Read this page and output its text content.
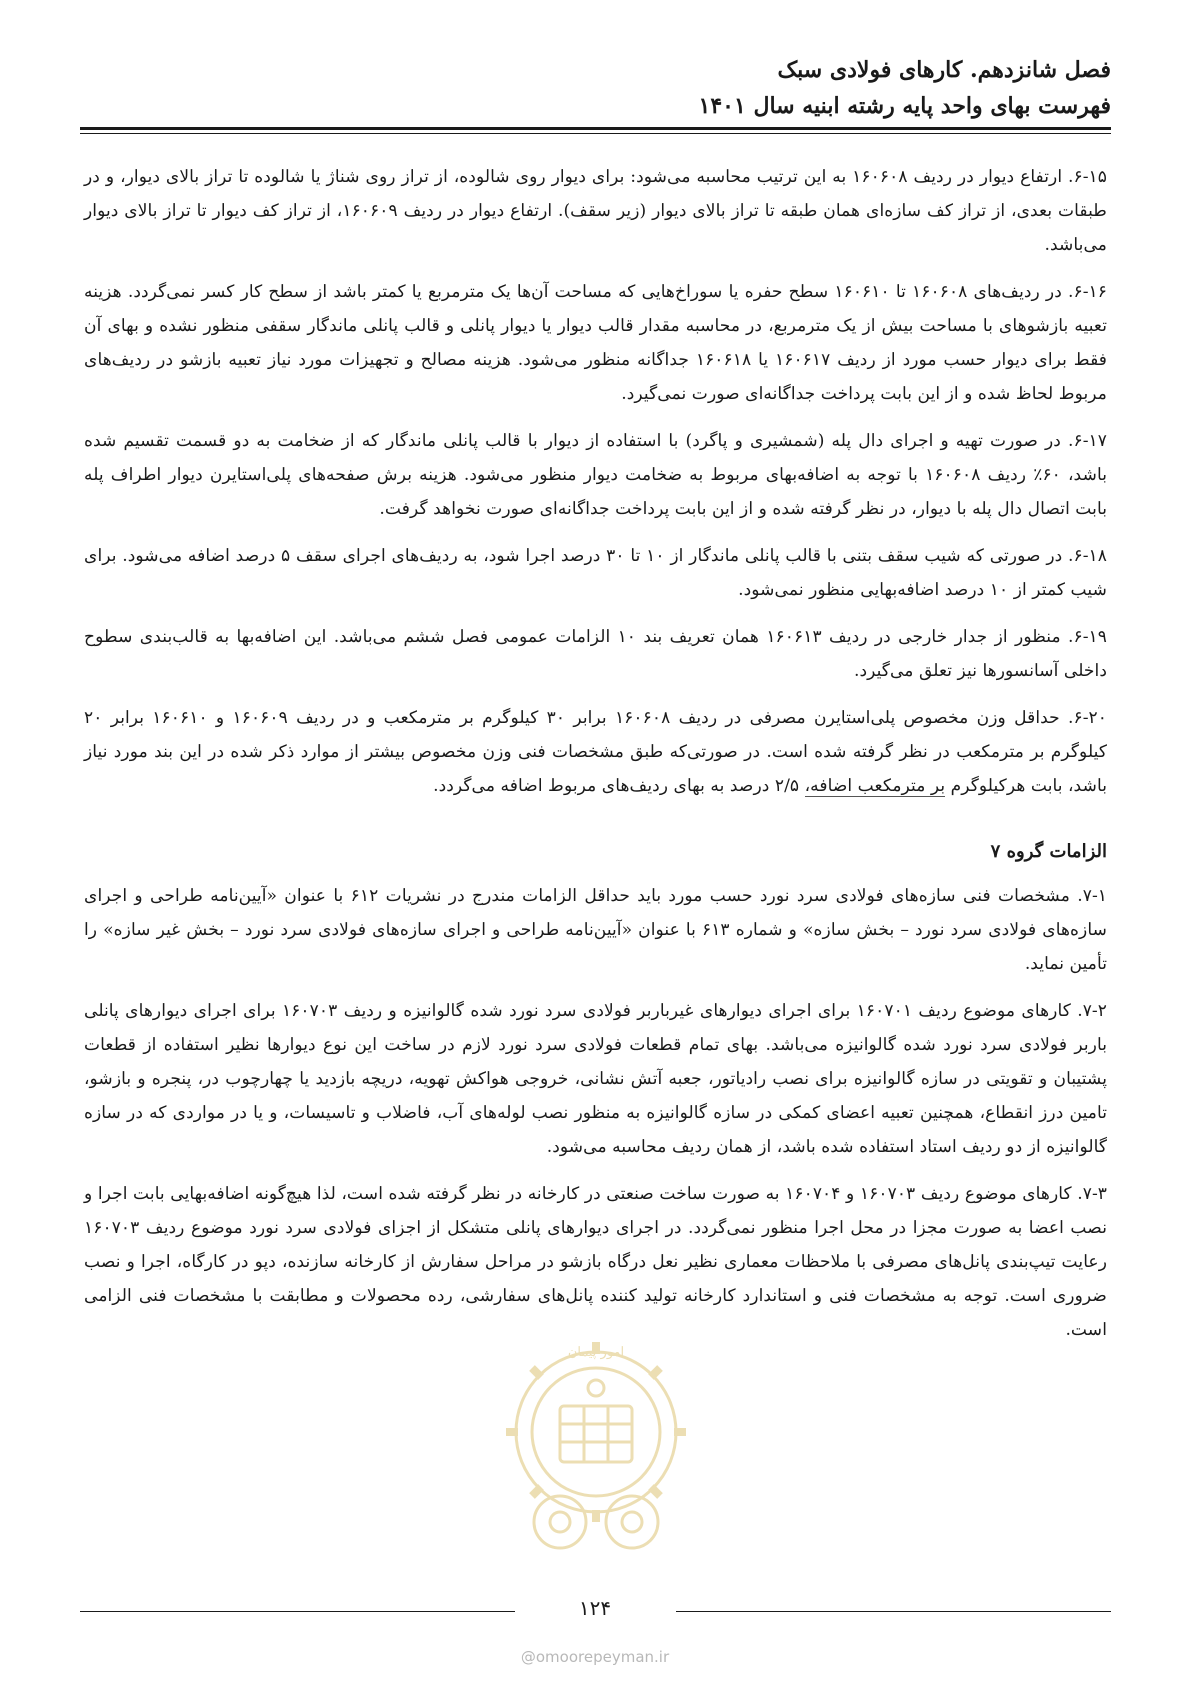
فصل شانزدهم. کارهای فولادی سبک

فهرست بهای واحد پایه رشته ابنیه سال ۱۴۰۱

۶-۱۵. ارتفاع دیوار در ردیف ۱۶۰۶۰۸ به این ترتیب محاسبه می‌شود: برای دیوار روی شالوده، از تراز روی شناژ یا شالوده تا تراز بالای دیوار، و در طبقات بعدی، از تراز کف سازه‌ای همان طبقه تا تراز بالای دیوار (زیر سقف). ارتفاع دیوار در ردیف ۱۶۰۶۰۹، از تراز کف دیوار تا تراز بالای دیوار می‌باشد.

۶-۱۶. در ردیف‌های ۱۶۰۶۰۸ تا ۱۶۰۶۱۰ سطح حفره یا سوراخ‌هایی که مساحت آن‌ها یک مترمربع یا کمتر باشد از سطح کار کسر نمی‌گردد. هزینه تعبیه بازشوهای با مساحت بیش از یک مترمربع، در محاسبه مقدار قالب دیوار یا دیوار پانلی و قالب پانلی ماندگار سقفی منظور نشده و بهای آن فقط برای دیوار حسب مورد از ردیف ۱۶۰۶۱۷ یا ۱۶۰۶۱۸ جداگانه منظور می‌شود. هزینه مصالح و تجهیزات مورد نیاز تعبیه بازشو در ردیف‌های مربوط لحاظ شده و از این بابت پرداخت جداگانه‌ای صورت نمی‌گیرد.

۶-۱۷. در صورت تهیه و اجرای دال پله (شمشیری و پاگرد) با استفاده از دیوار با قالب پانلی ماندگار که از ضخامت به دو قسمت تقسیم شده باشد، ۶۰٪ ردیف ۱۶۰۶۰۸ با توجه به اضافه‌بهای مربوط به ضخامت دیوار منظور می‌شود. هزینه برش صفحه‌های پلی‌استایرن دیوار اطراف پله بابت اتصال دال پله با دیوار، در نظر گرفته شده و از این بابت پرداخت جداگانه‌ای صورت نخواهد گرفت.

۶-۱۸. در صورتی که شیب سقف بتنی با قالب پانلی ماندگار از ۱۰ تا ۳۰ درصد اجرا شود، به ردیف‌های اجرای سقف ۵ درصد اضافه می‌شود. برای شیب کمتر از ۱۰ درصد اضافه‌بهایی منظور نمی‌شود.

۶-۱۹. منظور از جدار خارجی در ردیف ۱۶۰۶۱۳ همان تعریف بند ۱۰ الزامات عمومی فصل ششم می‌باشد. این اضافه‌بها به قالب‌بندی سطوح داخلی آسانسورها نیز تعلق می‌گیرد.

۶-۲۰. حداقل وزن مخصوص پلی‌استایرن مصرفی در ردیف ۱۶۰۶۰۸ برابر ۳۰ کیلوگرم بر مترمکعب و در ردیف ۱۶۰۶۰۹ و ۱۶۰۶۱۰ برابر ۲۰ کیلوگرم بر مترمکعب در نظر گرفته شده است. در صورتی‌که طبق مشخصات فنی وزن مخصوص بیشتر از موارد ذکر شده در این بند مورد نیاز باشد، بابت هرکیلوگرم بر مترمکعب اضافه، ۲/۵ درصد به بهای ردیف‌های مربوط اضافه می‌گردد.

الزامات گروه ۷

۷-۱. مشخصات فنی سازه‌های فولادی سرد نورد حسب مورد باید حداقل الزامات مندرج در نشریات ۶۱۲ با عنوان «آیین‌نامه طراحی و اجرای سازه‌های فولادی سرد نورد – بخش سازه» و شماره ۶۱۳ با عنوان «آیین‌نامه طراحی و اجرای سازه‌های فولادی سرد نورد – بخش غیر سازه» را تأمین نماید.

۷-۲. کارهای موضوع ردیف ۱۶۰۷۰۱ برای اجرای دیوارهای غیرباربر فولادی سرد نورد شده گالوانیزه و ردیف ۱۶۰۷۰۳ برای اجرای دیوارهای پانلی باربر فولادی سرد نورد شده گالوانیزه می‌باشد. بهای تمام قطعات فولادی سرد نورد لازم در ساخت این نوع دیوارها نظیر استفاده از قطعات پشتیبان و تقویتی در سازه گالوانیزه برای نصب رادیاتور، جعبه آتش نشانی، خروجی هواکش تهویه، دریچه بازدید یا چهارچوب در، پنجره و بازشو، تامین درز انقطاع، همچنین تعبیه اعضای کمکی در سازه گالوانیزه به منظور نصب لوله‌های آب، فاضلاب و تاسیسات، و یا در مواردی که در سازه گالوانیزه از دو ردیف استاد استفاده شده باشد، از همان ردیف محاسبه می‌شود.

۷-۳. کارهای موضوع ردیف ۱۶۰۷۰۳ و ۱۶۰۷۰۴ به صورت ساخت صنعتی در کارخانه در نظر گرفته شده است، لذا هیچ‌گونه اضافه‌بهایی بابت اجرا و نصب اعضا به صورت مجزا در محل اجرا منظور نمی‌گردد. در اجرای دیوارهای پانلی متشکل از اجزای فولادی سرد نورد موضوع ردیف ۱۶۰۷۰۳ رعایت تیپ‌بندی پانل‌های مصرفی با ملاحظات معماری نظیر نعل درگاه بازشو در مراحل سفارش از کارخانه سازنده، دپو در کارگاه، اجرا و نصب ضروری است. توجه به مشخصات فنی و استاندارد کارخانه تولید کننده پانل‌های سفارشی، رده محصولات و مطابقت با مشخصات فنی الزامی است.

امور پیمان
۱۲۴
@omoorepeyman.ir
